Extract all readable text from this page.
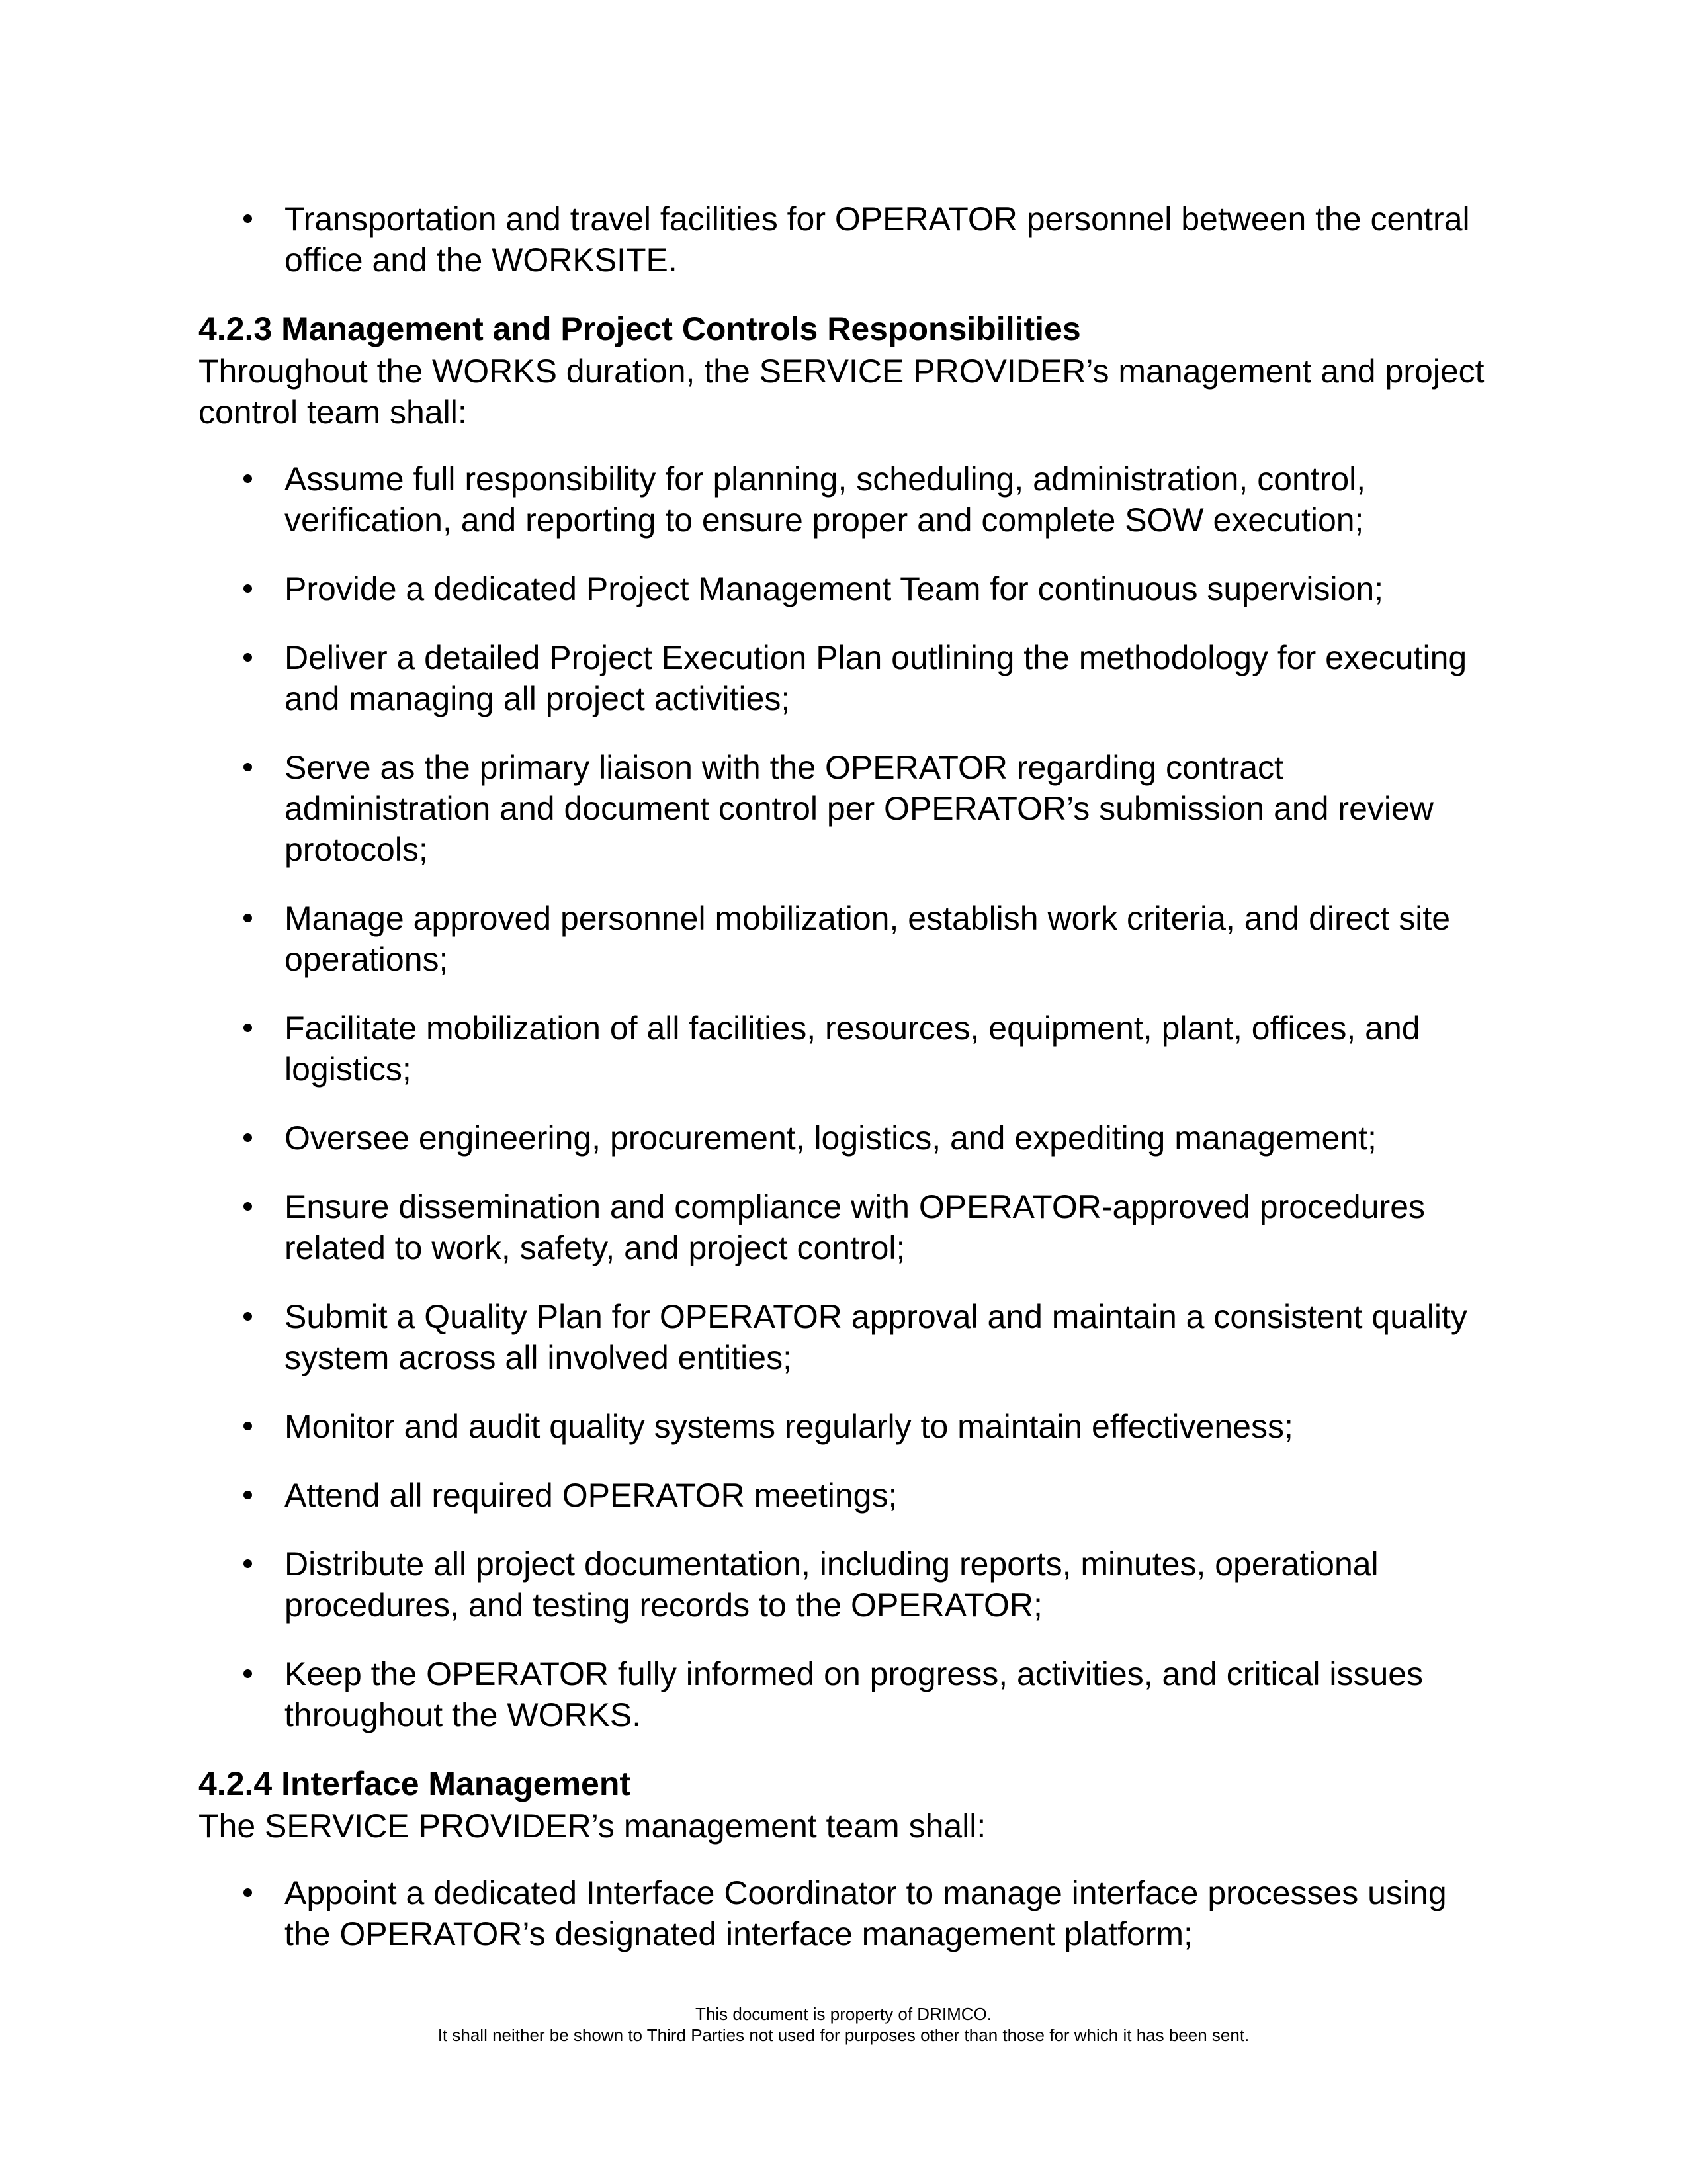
Transportation and travel facilities for OPERATOR personnel between the central office and the WORKSITE.
4.2.3 Management and Project Controls Responsibilities

Throughout the WORKS duration, the SERVICE PROVIDER’s management and project control team shall:

Assume full responsibility for planning, scheduling, administration, control, verification, and reporting to ensure proper and complete SOW execution;
Provide a dedicated Project Management Team for continuous supervision;
Deliver a detailed Project Execution Plan outlining the methodology for executing and managing all project activities;
Serve as the primary liaison with the OPERATOR regarding contract administration and document control per OPERATOR’s submission and review protocols;
Manage approved personnel mobilization, establish work criteria, and direct site operations;
Facilitate mobilization of all facilities, resources, equipment, plant, offices, and logistics;
Oversee engineering, procurement, logistics, and expediting management;
Ensure dissemination and compliance with OPERATOR-approved procedures related to work, safety, and project control;
Submit a Quality Plan for OPERATOR approval and maintain a consistent quality system across all involved entities;
Monitor and audit quality systems regularly to maintain effectiveness;
Attend all required OPERATOR meetings;
Distribute all project documentation, including reports, minutes, operational procedures, and testing records to the OPERATOR;
Keep the OPERATOR fully informed on progress, activities, and critical issues throughout the WORKS.
4.2.4 Interface Management

The SERVICE PROVIDER’s management team shall:

Appoint a dedicated Interface Coordinator to manage interface processes using the OPERATOR’s designated interface management platform;
This document is property of DRIMCO.
It shall neither be shown to Third Parties not used for purposes other than those for which it has been sent.
